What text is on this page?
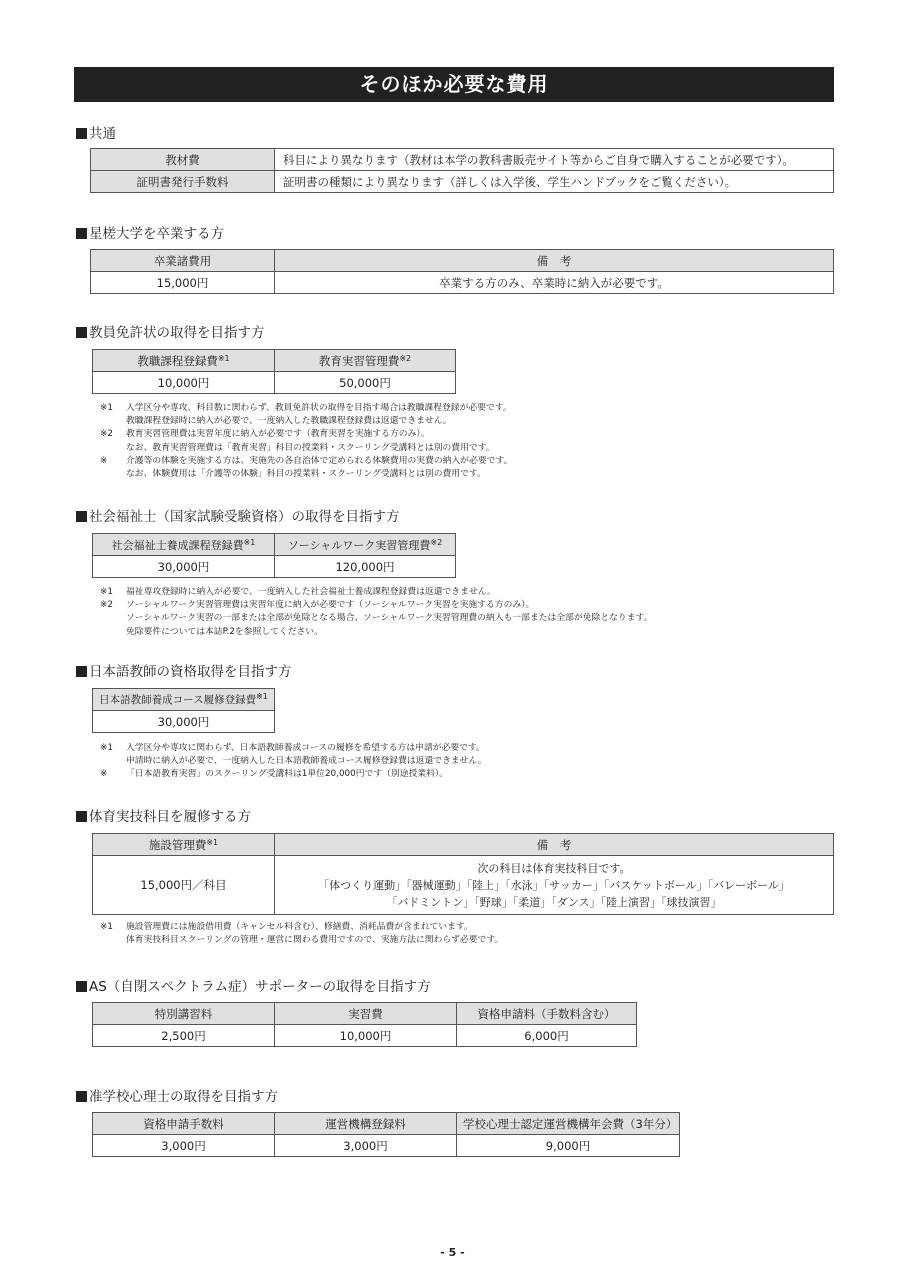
そのほか必要な費用
共通
教材費	科目により異なります（教材は本学の教科書販売サイト等からご自身で購入することが必要です）。
証明書発行手数料	証明書の種類により異なります（詳しくは入学後、学生ハンドブックをご覧ください）。
星槎大学を卒業する方
卒業諸費用	備　考
15,000円	卒業する方のみ、卒業時に納入が必要です。
教員免許状の取得を目指す方
教職課程登録費$^{※1}$	教育実習管理費$^{※2}$
10,000円	50,000円
※1	入学区分や専攻、科目数に関わらず、教員免許状の取得を目指す場合は教職課程登録が必要です。
教職課程登録時に納入が必要で、一度納入した教職課程登録費は返還できません。
※2	教育実習管理費は実習年度に納入が必要です（教育実習を実施する方のみ）。
なお、教育実習管理費は「教育実習」科目の授業料・スクーリング受講料とは別の費用です。
※	介護等の体験を実施する方は、実施先の各自治体で定められる体験費用の実費の納入が必要です。
なお、体験費用は「介護等の体験」科目の授業料・スクーリング受講料とは別の費用です。
社会福祉士（国家試験受験資格）の取得を目指す方
社会福祉士養成課程登録費$^{※1}$	ソーシャルワーク実習管理費$^{※2}$
30,000円	120,000円
※1	福祉専攻登録時に納入が必要で、一度納入した社会福祉士養成課程登録費は返還できません。
※2	ソーシャルワーク実習管理費は実習年度に納入が必要です（ソーシャルワーク実習を実施する方のみ）。
ソーシャルワーク実習の一部または全部が免除となる場合、ソーシャルワーク実習管理費の納入も一部または全部が免除となります。
免除要件については本誌P.2を参照してください。
日本語教師の資格取得を目指す方
日本語教師養成コース履修登録費$^{※1}$
30,000円
※1	入学区分や専攻に関わらず、日本語教師養成コースの履修を希望する方は申請が必要です。
申請時に納入が必要で、一度納入した日本語教師養成コース履修登録費は返還できません。
※	「日本語教育実習」のスクーリング受講料は1単位20,000円です（別途授業料）。
体育実技科目を履修する方
施設管理費$^{※1}$	備　考
15,000円／科目	次の科目は体育実技科目です。
「体つくり運動」「器械運動」「陸上」「水泳」「サッカー」「バスケットボール」「バレーボール」
「バドミントン」「野球」「柔道」「ダンス」「陸上演習」「球技演習」
※1	施設管理費には施設借用費（キャンセル料含む）、修繕費、消耗品費が含まれています。
体育実技科目スクーリングの管理・運営に関わる費用ですので、実施方法に関わらず必要です。
AS（自閉スペクトラム症）サポーターの取得を目指す方
特別講習料	実習費	資格申請料（手数料含む）
2,500円	10,000円	6,000円
准学校心理士の取得を目指す方
資格申請手数料	運営機構登録料	学校心理士認定運営機構年会費（3年分）
3,000円	3,000円	9,000円
- 5 -
